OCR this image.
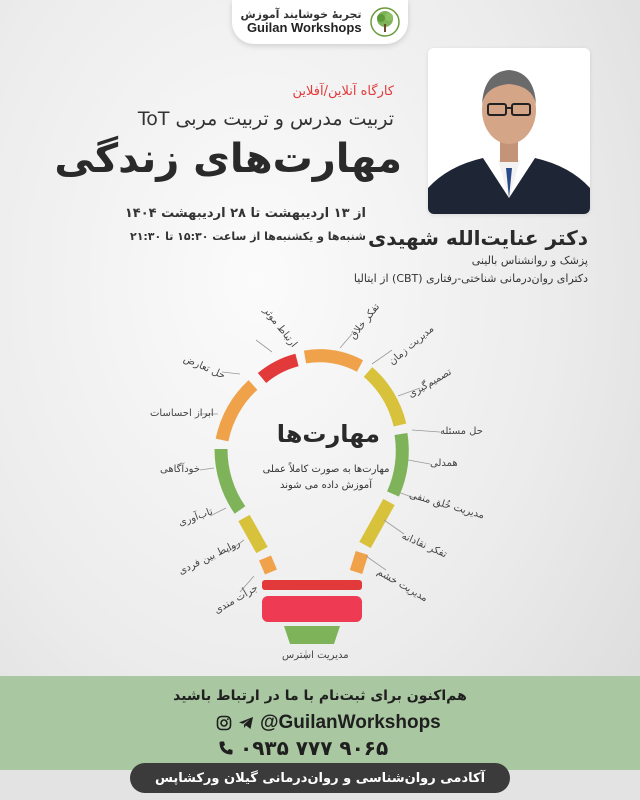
تجربهٔ خوشایند آموزش
Guilan Workshops
کارگاه آنلاین/آفلاین
تربیت مدرس و تربیت مربی ToT
مهارت‌های زندگی
از ۱۳ اردیبهشت تا ۲۸ اردیبهشت ۱۴۰۴
شنبه‌ها و یکشنبه‌ها از ساعت ۱۵:۳۰ تا ۲۱:۳۰ دکتر عنایت‌الله شهیدی
پزشک و روانشناس بالینی
دکترای روان‌درمانی شناختی-رفتاری (CBT) از ایتالیا
مهارت‌ها
مهارت‌ها به صورت کاملاً عملی
آموزش داده می شوند
تفکر خلاق
ارتباط موثر	مدیریت زمان
حل تعارض	تصمیم‌گیری
ابراز احساسات
حل مسئله
همدلی
خودآگاهی
مدیریت خُلق منفی
تاب‌آوری
تفکر نقادانه
روابط بین فردی
مدیریت خشم
جرأت مندی
مدیریت استرس
هم‌اکنون برای ثبت‌نام با ما در ارتباط باشید
@GuilanWorkshops
۰۹۳۵ ۷۷۷ ۹۰۶۵
آکادمی روان‌شناسی و روان‌درمانی گیلان ورکشاپس
